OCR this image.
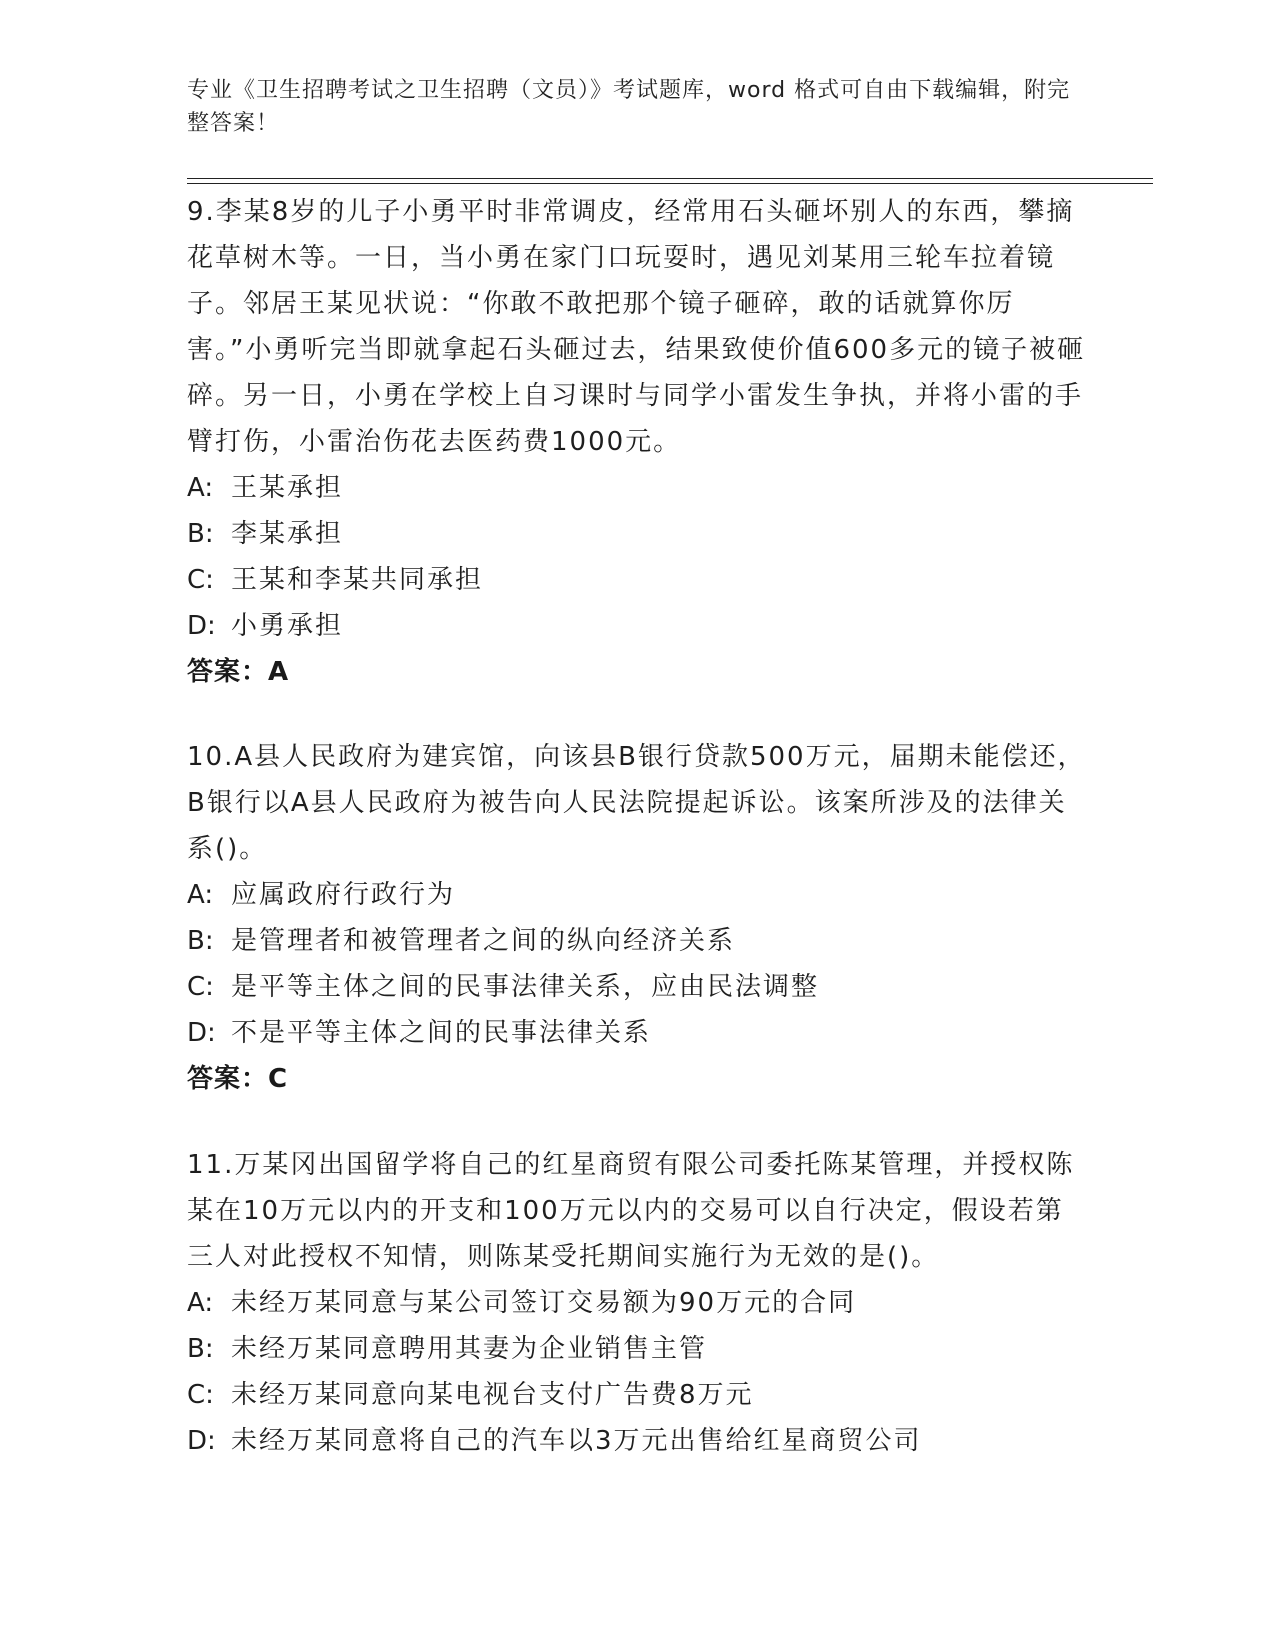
专业《卫生招聘考试之卫生招聘（文员）》考试题库，word 格式可自由下载编辑，附完整答案！

9.李某8岁的儿子小勇平时非常调皮，经常用石头砸坏别人的东西，攀摘花草树木等。一日，当小勇在家门口玩耍时，遇见刘某用三轮车拉着镜子。邻居王某见状说：“你敢不敢把那个镜子砸碎，敢的话就算你厉害。”小勇听完当即就拿起石头砸过去，结果致使价值600多元的镜子被砸碎。另一日，小勇在学校上自习课时与同学小雷发生争执，并将小雷的手臂打伤，小雷治伤花去医药费1000元。

A: 王某承担

B: 李某承担

C: 王某和李某共同承担

D: 小勇承担

答案：A

10.A县人民政府为建宾馆，向该县B银行贷款500万元，届期未能偿还，B银行以A县人民政府为被告向人民法院提起诉讼。该案所涉及的法律关系()。

A: 应属政府行政行为

B: 是管理者和被管理者之间的纵向经济关系

C: 是平等主体之间的民事法律关系，应由民法调整

D: 不是平等主体之间的民事法律关系

答案：C

11.万某冈出国留学将自己的红星商贸有限公司委托陈某管理，并授权陈某在10万元以内的开支和100万元以内的交易可以自行决定，假设若第三人对此授权不知情，则陈某受托期间实施行为无效的是()。

A: 未经万某同意与某公司签订交易额为90万元的合同

B: 未经万某同意聘用其妻为企业销售主管

C: 未经万某同意向某电视台支付广告费8万元

D: 未经万某同意将自己的汽车以3万元出售给红星商贸公司
